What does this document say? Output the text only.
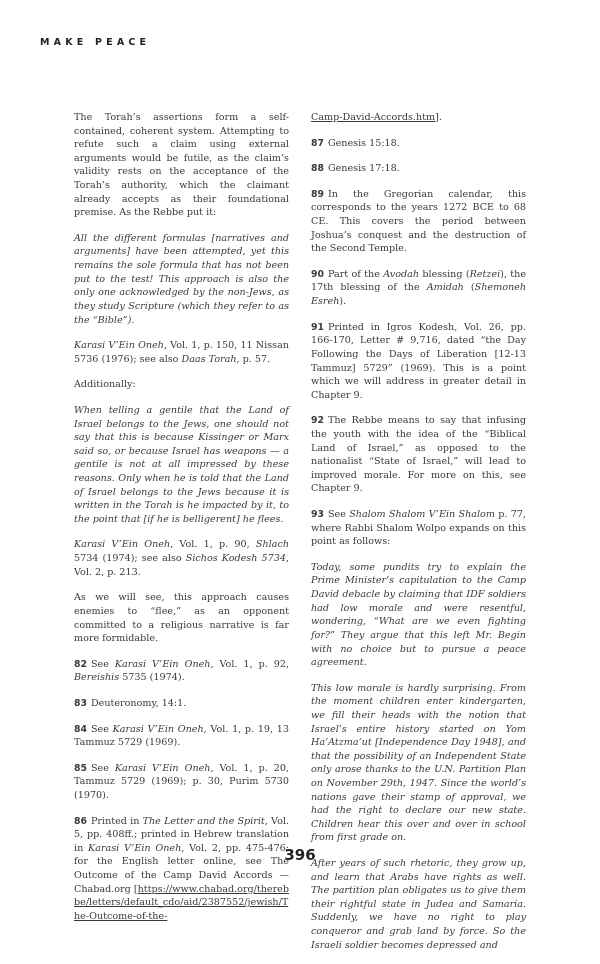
MAKE PEACE

The Torah’s assertions form a self-contained, coherent system. Attempting to refute such a claim using external arguments would be futile, as the claim’s validity rests on the acceptance of the Torah’s authority, which the claimant already accepts as their foundational premise. As the Rebbe put it:

All the different formulas [narratives and arguments] have been attempted, yet this remains the sole formula that has not been put to the test! This approach is also the only one acknowledged by the non-Jews, as they study Scripture (which they refer to as the “Bible”).

Karasi V’Ein Oneh, Vol. 1, p. 150, 11 Nissan 5736 (1976); see also Daas Torah, p. 57.

Additionally:

When telling a gentile that the Land of Israel belongs to the Jews, one should not say that this is because Kissinger or Marx said so, or because Israel has weapons — a gentile is not at all impressed by these reasons. Only when he is told that the Land of Israel belongs to the Jews because it is written in the Torah is he impacted by it, to the point that [if he is belligerent] he flees.

Karasi V’Ein Oneh, Vol. 1, p. 90, Shlach 5734 (1974); see also Sichos Kodesh 5734, Vol. 2, p. 213.

As we will see, this approach causes enemies to “flee,” as an opponent committed to a religious narrative is far more formidable.

82 See Karasi V’Ein Oneh, Vol. 1, p. 92, Bereishis 5735 (1974).

83 Deuteronomy, 14:1.

84 See Karasi V’Ein Oneh, Vol. 1, p. 19, 13 Tammuz 5729 (1969).

85 See Karasi V’Ein Oneh, Vol. 1, p. 20, Tammuz 5729 (1969); p. 30, Purim 5730 (1970).

86 Printed in The Letter and the Spirit, Vol. 5, pp. 408ff.; printed in Hebrew translation in Karasi V’Ein Oneh, Vol. 2, pp. 475-476; for the English letter online, see The Outcome of the Camp David Accords — Chabad.org [https://www.chabad.org/therebbe/letters/default_cdo/aid/2387552/jewish/The-Outcome-of-the-

Camp-David-Accords.htm].

87 Genesis 15:18.

88 Genesis 17:18.

89 In the Gregorian calendar, this corresponds to the years 1272 BCE to 68 CE. This covers the period between Joshua’s conquest and the destruction of the Second Temple.

90 Part of the Avodah blessing (Retzei), the 17th blessing of the Amidah (Shemoneh Esreh).

91 Printed in Igros Kodesh, Vol. 26, pp. 166-170, Letter # 9,716, dated “the Day Following the Days of Liberation [12-13 Tammuz] 5729” (1969). This is a point which we will address in greater detail in Chapter 9.

92 The Rebbe means to say that infusing the youth with the idea of the “Biblical Land of Israel,” as opposed to the nationalist “State of Israel,” will lead to improved morale. For more on this, see Chapter 9.

93 See Shalom Shalom V’Ein Shalom p. 77, where Rabbi Shalom Wolpo expands on this point as follows:

Today, some pundits try to explain the Prime Minister’s capitulation to the Camp David debacle by claiming that IDF soldiers had low morale and were resentful, wondering, “What are we even fighting for?” They argue that this left Mr. Begin with no choice but to pursue a peace agreement.

This low morale is hardly surprising. From the moment children enter kindergarten, we fill their heads with the notion that Israel’s entire history started on Yom Ha’Atzma’ut [Independence Day 1948], and that the possibility of an Independent State only arose thanks to the U.N. Partition Plan on November 29th, 1947. Since the world’s nations gave their stamp of approval, we had the right to declare our new state. Children hear this over and over in school from first grade on.

After years of such rhetoric, they grow up, and learn that Arabs have rights as well. The partition plan obligates us to give them their rightful state in Judea and Samaria. Suddenly, we have no right to play conqueror and grab land by force. So the Israeli soldier becomes depressed and

396
